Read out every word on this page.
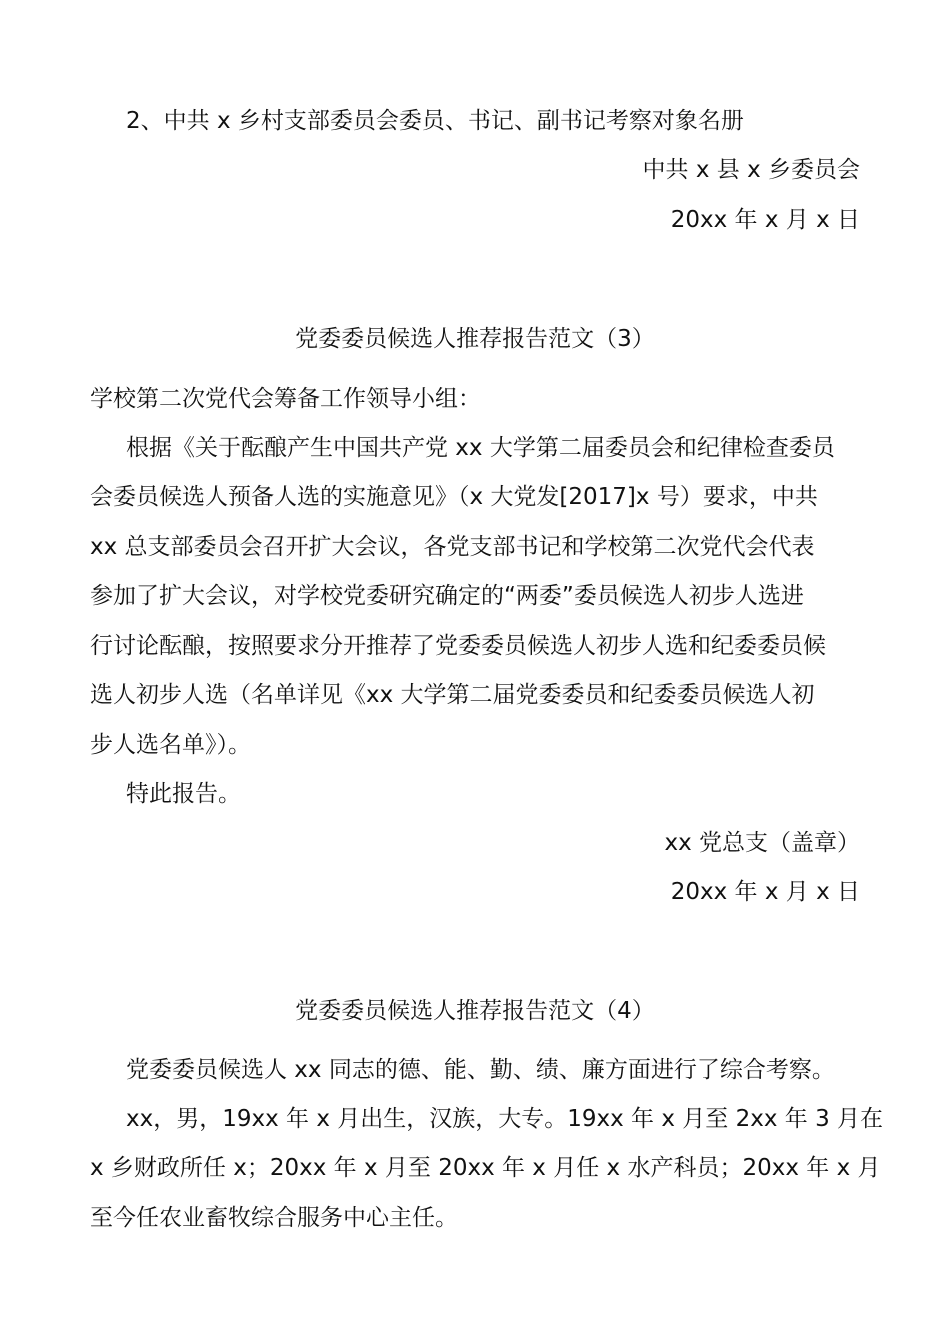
2、中共 x 乡村支部委员会委员、书记、副书记考察对象名册
中共 x 县 x 乡委员会
20xx 年 x 月 x 日
党委委员候选人推荐报告范文（3）
学校第二次党代会筹备工作领导小组：
根据《关于酝酿产生中国共产党 xx 大学第二届委员会和纪律检查委员
会委员候选人预备人选的实施意见》（x 大党发[2017]x 号）要求，中共
xx 总支部委员会召开扩大会议，各党支部书记和学校第二次党代会代表
参加了扩大会议，对学校党委研究确定的“两委”委员候选人初步人选进
行讨论酝酿，按照要求分开推荐了党委委员候选人初步人选和纪委委员候
选人初步人选（名单详见《xx 大学第二届党委委员和纪委委员候选人初
步人选名单》）。
特此报告。
xx 党总支（盖章）
20xx 年 x 月 x 日
党委委员候选人推荐报告范文（4）
党委委员候选人 xx 同志的德、能、勤、绩、廉方面进行了综合考察。
xx，男，19xx 年 x 月出生，汉族，大专。19xx 年 x 月至 2xx 年 3 月在
x 乡财政所任 x；20xx 年 x 月至 20xx 年 x 月任 x 水产科员；20xx 年 x 月
至今任农业畜牧综合服务中心主任。
